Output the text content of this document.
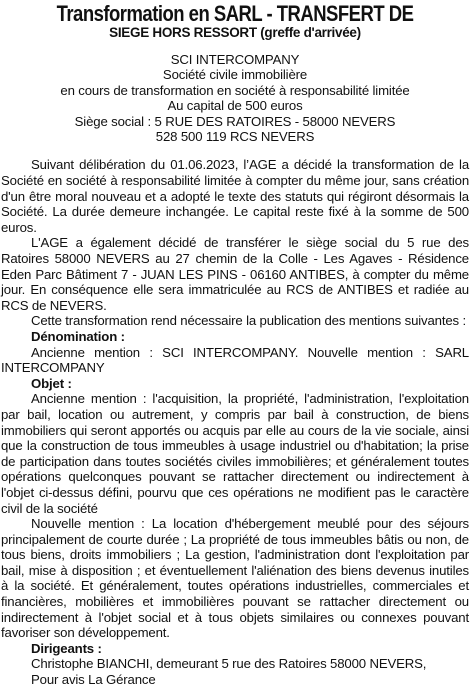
Transformation en SARL - TRANSFERT DE
SIEGE HORS RESSORT (greffe d'arrivée)
SCI INTERCOMPANY
Société civile immobilière
en cours de transformation en société à responsabilité limitée
Au capital de 500 euros
Siège social : 5 RUE DES RATOIRES - 58000 NEVERS
528 500 119 RCS NEVERS

Suivant délibération du 01.06.2023, l’AGE a décidé la transformation de la Société en société à responsabilité limitée à compter du même jour, sans création d'un être moral nouveau et a adopté le texte des statuts qui régiront désormais la Société. La durée demeure inchangée. Le capital reste fixé à la somme de 500 euros.

L'AGE a également décidé de transférer le siège social du 5 rue des Ratoires 58000 NEVERS au 27 chemin de la Colle - Les Agaves - Résidence Eden Parc Bâtiment 7 - JUAN LES PINS - 06160 ANTIBES, à compter du même jour. En conséquence elle sera immatriculée au RCS de ANTIBES et radiée au RCS de NEVERS.

Cette transformation rend nécessaire la publication des mentions suivantes :

Dénomination :

Ancienne mention : SCI INTERCOMPANY. Nouvelle mention : SARL INTERCOMPANY

Objet :

Ancienne mention : l'acquisition, la propriété, l'administration, l'exploitation par bail, location ou autrement, y compris par bail à construction, de biens immobiliers qui seront apportés ou acquis par elle au cours de la vie sociale, ainsi que la construction de tous immeubles à usage industriel ou d'habitation; la prise de participation dans toutes sociétés civiles immobilières; et généralement toutes opérations quelconques pouvant se rattacher directement ou indirectement à l'objet ci-dessus défini, pourvu que ces opérations ne modifient pas le caractère civil de la société

Nouvelle mention : La location d'hébergement meublé pour des séjours principalement de courte durée ; La propriété de tous immeubles bâtis ou non, de tous biens, droits immobiliers ; La gestion, l'administration dont l'exploitation par bail, mise à disposition ; et éventuellement l'aliénation des biens devenus inutiles à la société. Et généralement, toutes opérations industrielles, commerciales et financières, mobilières et immobilières pouvant se rattacher directement ou indirectement à l'objet social et à tous objets similaires ou connexes pouvant favoriser son développement.

Dirigeants :

Christophe BIANCHI, demeurant 5 rue des Ratoires 58000 NEVERS,

Pour avis La Gérance
